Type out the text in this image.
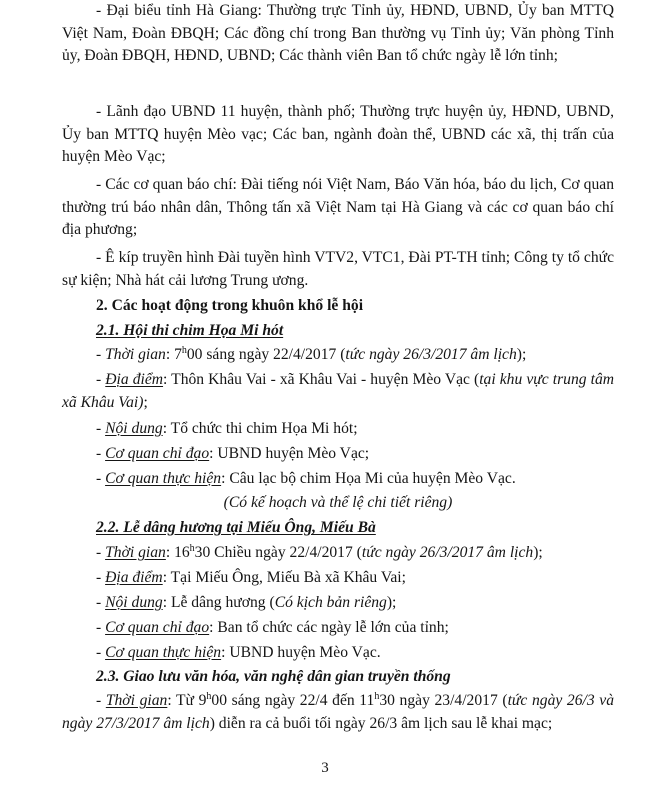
- Đại biểu tỉnh Hà Giang: Thường trực Tỉnh ủy, HĐND, UBND, Ủy ban MTTQ Việt Nam, Đoàn ĐBQH; Các đồng chí trong Ban thường vụ Tỉnh ủy; Văn phòng Tỉnh ủy, Đoàn ĐBQH, HĐND, UBND; Các thành viên Ban tổ chức ngày lễ lớn tỉnh;

- Lãnh đạo UBND 11 huyện, thành phố; Thường trực huyện ủy, HĐND, UBND, Ủy ban MTTQ huyện Mèo vạc; Các ban, ngành đoàn thể, UBND các xã, thị trấn của huyện Mèo Vạc;

- Các cơ quan báo chí: Đài tiếng nói Việt Nam, Báo Văn hóa, báo du lịch, Cơ quan thường trú báo nhân dân, Thông tấn xã Việt Nam tại Hà Giang và các cơ quan báo chí địa phương;

- Ê kíp truyền hình Đài tuyền hình VTV2, VTC1, Đài PT-TH tỉnh; Công ty tổ chức sự kiện; Nhà hát cải lương Trung ương.

2. Các hoạt động trong khuôn khổ lễ hội

2.1. Hội thi chim Họa Mi hót

- Thời gian: 7$^h$00 sáng ngày 22/4/2017 (tức ngày 26/3/2017 âm lịch);

- Địa điểm: Thôn Khâu Vai - xã Khâu Vai - huyện Mèo Vạc (tại khu vực trung tâm xã Khâu Vai);

- Nội dung: Tổ chức thi chim Họa Mi hót;

- Cơ quan chỉ đạo: UBND huyện Mèo Vạc;

- Cơ quan thực hiện: Câu lạc bộ chim Họa Mi của huyện Mèo Vạc.

(Có kế hoạch và thể lệ chi tiết riêng)

2.2. Lễ dâng hương tại Miếu Ông, Miếu Bà

- Thời gian: 16$^h$30 Chiều ngày 22/4/2017 (tức ngày 26/3/2017 âm lịch);

- Địa điểm: Tại Miếu Ông, Miếu Bà xã Khâu Vai;

- Nội dung: Lễ dâng hương (Có kịch bản riêng);

- Cơ quan chỉ đạo: Ban tổ chức các ngày lễ lớn của tỉnh;

- Cơ quan thực hiện: UBND huyện Mèo Vạc.

2.3. Giao lưu văn hóa, văn nghệ dân gian truyền thống

- Thời gian: Từ 9$^h$00 sáng ngày 22/4 đến 11$^h$30 ngày 23/4/2017 (tức ngày 26/3 và ngày 27/3/2017 âm lịch) diễn ra cả buổi tối ngày 26/3 âm lịch sau lễ khai mạc;

3
